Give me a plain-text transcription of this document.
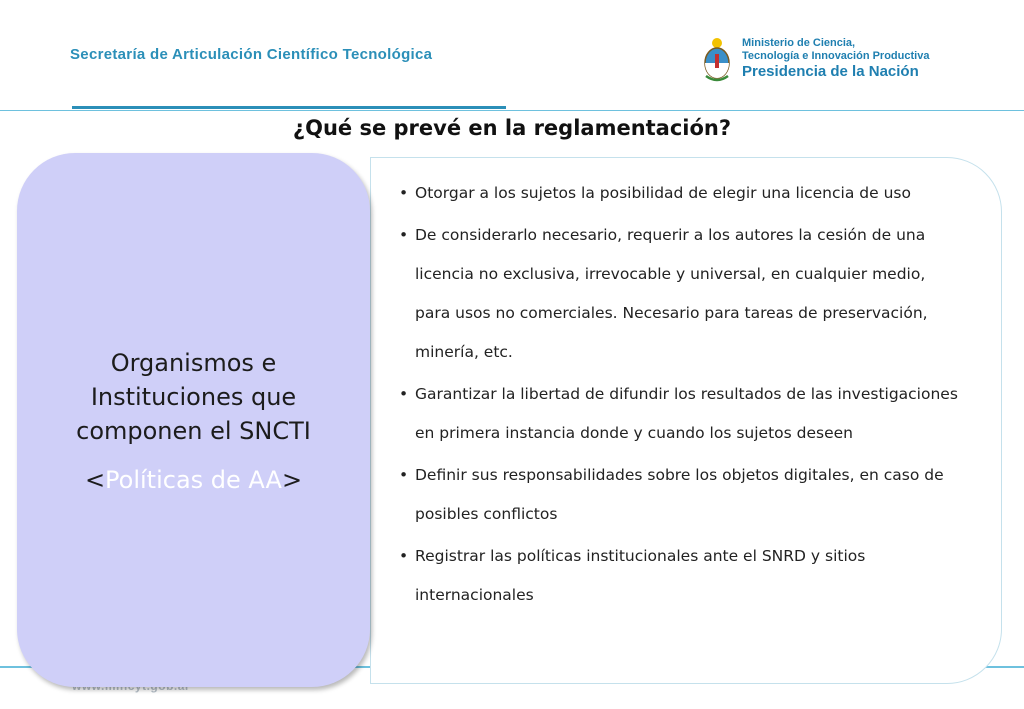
Secretaría de Articulación Científico Tecnológica
Ministerio de Ciencia,
Tecnología e Innovación Productiva
Presidencia de la Nación
¿Qué se prevé en la reglamentación?
• Otorgar a los sujetos la posibilidad de elegir una licencia de uso
• De considerarlo necesario, requerir a los autores la cesión de una licencia no exclusiva, irrevocable y universal, en cualquier medio, para usos no comerciales. Necesario para tareas de preservación, minería, etc.
• Garantizar la libertad de difundir los resultados de las investigaciones en primera instancia donde y cuando los sujetos deseen
• Definir sus responsabilidades sobre los objetos digitales, en caso de posibles conflictos
• Registrar las políticas institucionales ante el SNRD y sitios internacionales
Organismos e Instituciones que componen el SNCTI
<Políticas de AA>
